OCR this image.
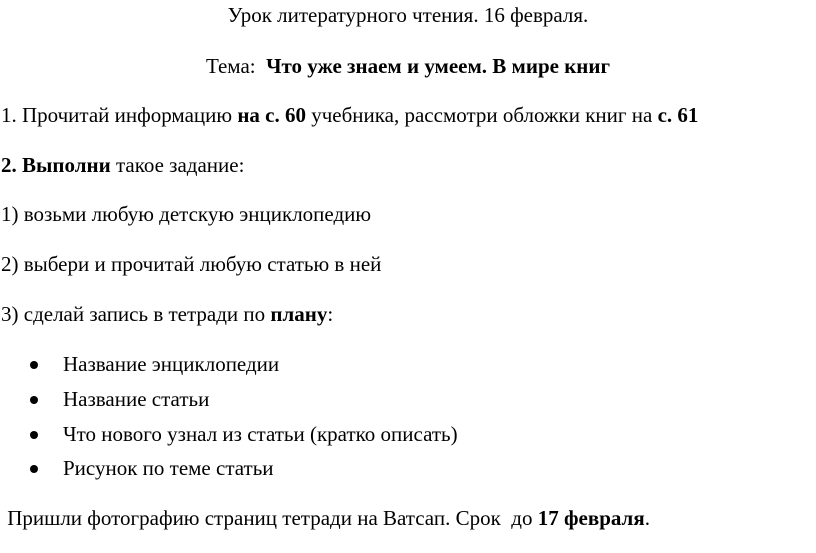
Урок литературного чтения. 16 февраля.
Тема: Что уже знаем и умеем. В мире книг
1. Прочитай информацию на с. 60 учебника, рассмотри обложки книг на с. 61
2. Выполни такое задание:
1) возьми любую детскую энциклопедию
2) выбери и прочитай любую статью в ней
3) сделай запись в тетради по плану:
Название энциклопедии
Название статьи
Что нового узнал из статьи (кратко описать)
Рисунок по теме статьи
Пришли фотографию страниц тетради на Ватсап. Срок  до 17 февраля.
